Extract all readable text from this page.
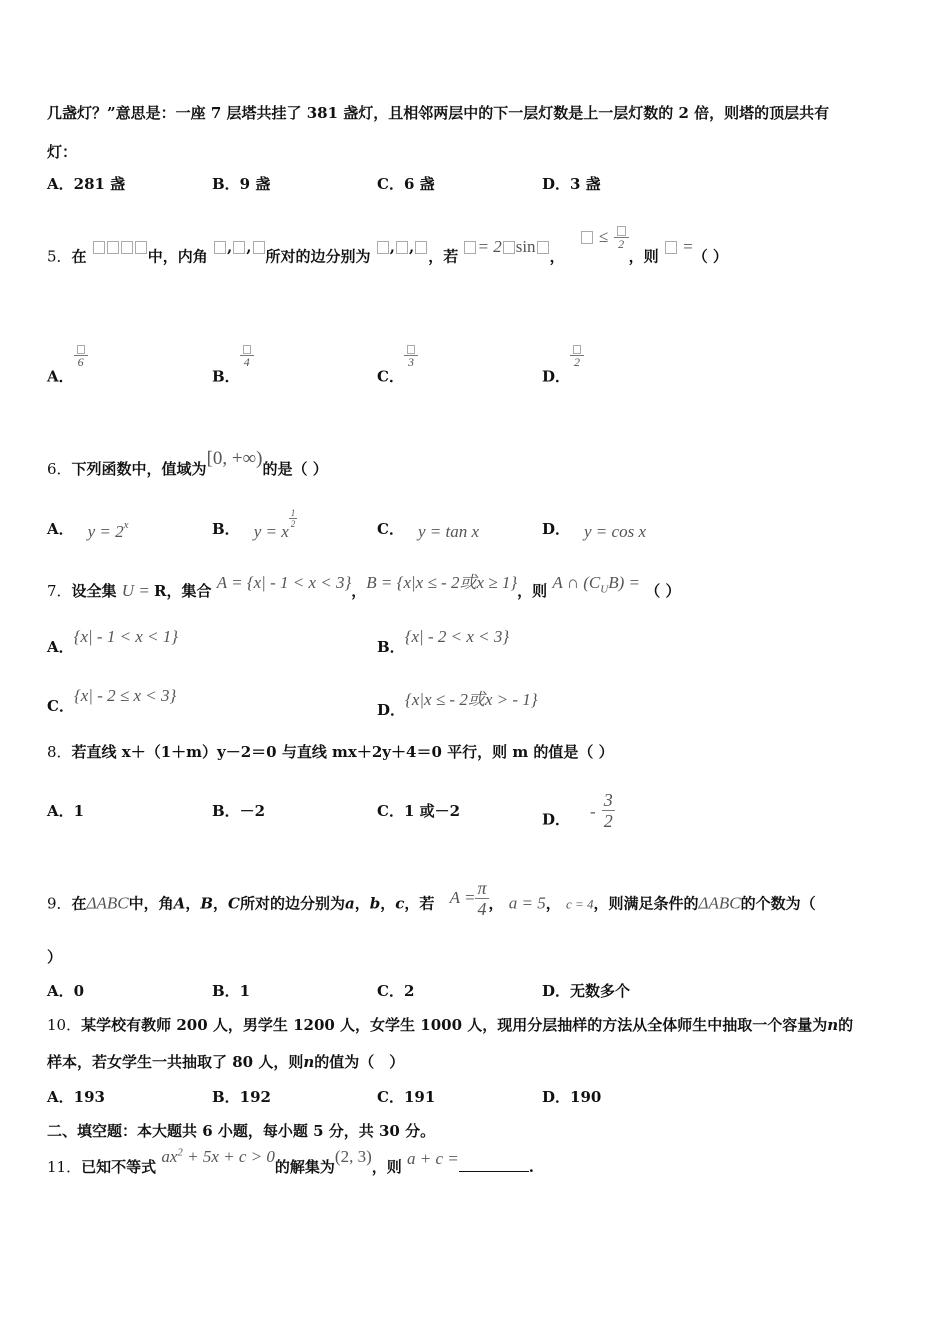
几盏灯？”意思是：一座 7 层塔共挂了 381 盏灯，且相邻两层中的下一层灯数是上一层灯数的 2 倍，则塔的顶层共有
灯：
A．281 盏	B．9 盏	C．6 盏	D．3 盏
5．在	中，内角 , ,所对的边分别为 , ,，若 = 2 sin，  ≤ 2
，则  =（ ）
A．
6
B．
4
C．
3
D．
2
6．下列函数中，值域为[0, +∞)的是（ ）
A． $y = 2^x$	B． y = x
$\frac{1}{2}$
C． y = tan x	D． y = cos x
7．设全集 U = R，集合 A = {x| - 1 < x < 3}，B = {x|x ≤ - 2或x ≥ 1}，则 A ∩ $(C_UB)$ = （ ）
A．{x| - 1 < x < 1}
B．{x| - 2 < x < 3}
C．{x| - 2 ≤ x < 3}
D．{x|x ≤ - 2或x > - 1}
8．若直线 x＋（1＋m）y－2＝0 与直线 mx＋2y＋4＝0 平行，则 m 的值是（ ）
A．1	B．－2	C．1 或－2	D． - $\frac{3}{2}$
9．在ΔABC中，角A，B，C所对的边分别为a，b，c，若 $A = \frac{\pi}{4}$ ， a = 5， c = 4，则满足条件的ΔABC的个数为（
）
A．0	B．1	C．2	D．无数多个
10．某学校有教师 200 人，男学生 1200 人，女学生 1000 人，现用分层抽样的方法从全体师生中抽取一个容量为n的
样本，若女学生一共抽取了 80 人，则n的值为（　）
A．193	B．192	C．191	D．190
二、填空题：本大题共 6 小题，每小题 5 分，共 30 分。
11．已知不等式 $ax^2 + 5x + c > 0$的解集为(2, 3)，则 a + c =	.
